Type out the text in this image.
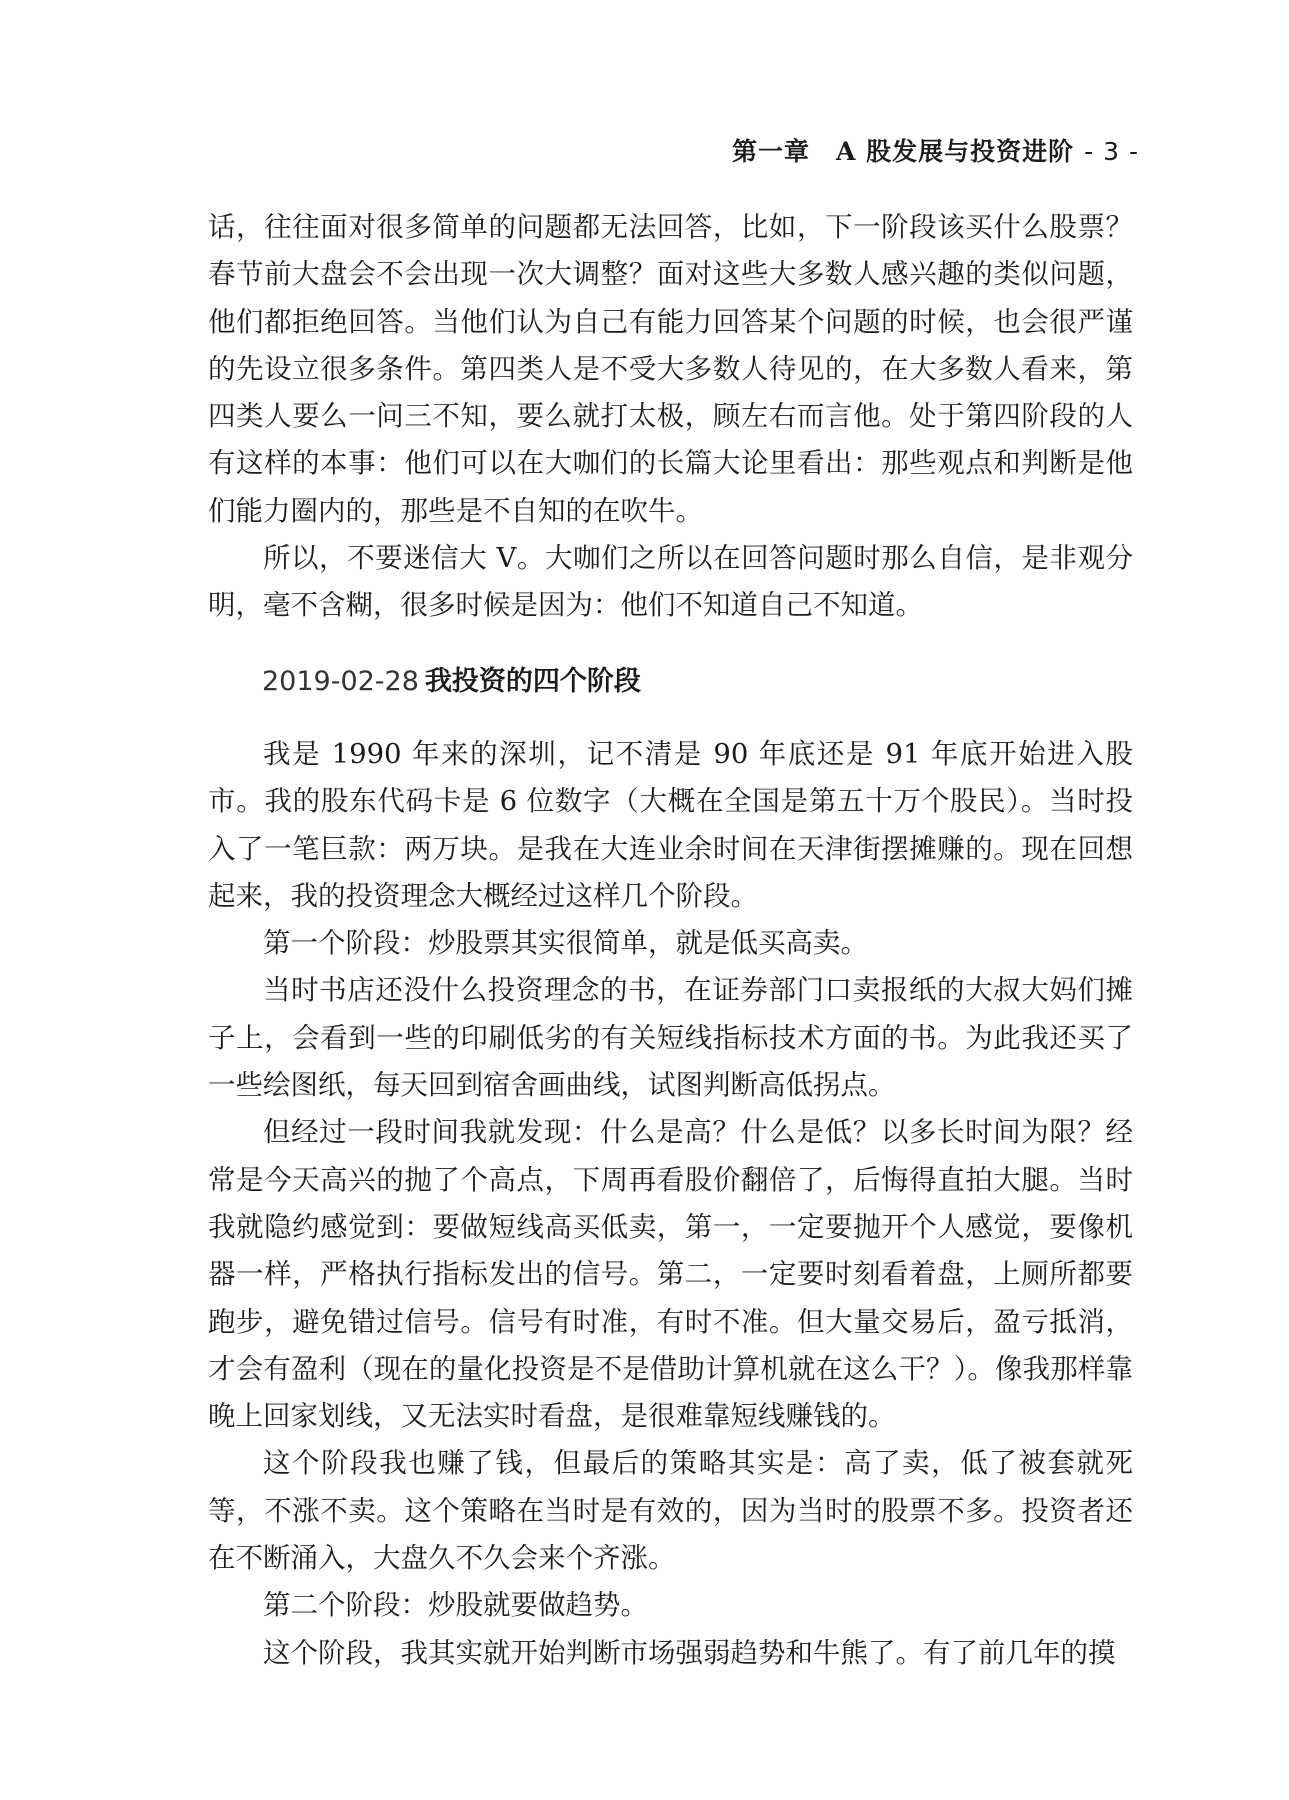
第一章　A 股发展与投资进阶 - 3 -

话，往往面对很多简单的问题都无法回答，比如，下一阶段该买什么股票？春节前大盘会不会出现一次大调整？面对这些大多数人感兴趣的类似问题，他们都拒绝回答。当他们认为自己有能力回答某个问题的时候，也会很严谨的先设立很多条件。第四类人是不受大多数人待见的，在大多数人看来，第四类人要么一问三不知，要么就打太极，顾左右而言他。处于第四阶段的人有这样的本事：他们可以在大咖们的长篇大论里看出：那些观点和判断是他们能力圈内的，那些是不自知的在吹牛。

所以，不要迷信大 V。大咖们之所以在回答问题时那么自信，是非观分明，毫不含糊，很多时候是因为：他们不知道自己不知道。

2019-02-28 我投资的四个阶段

我是 1990 年来的深圳，记不清是 90 年底还是 91 年底开始进入股市。我的股东代码卡是 6 位数字（大概在全国是第五十万个股民）。当时投入了一笔巨款：两万块。是我在大连业余时间在天津街摆摊赚的。现在回想起来，我的投资理念大概经过这样几个阶段。

第一个阶段：炒股票其实很简单，就是低买高卖。

当时书店还没什么投资理念的书，在证券部门口卖报纸的大叔大妈们摊子上，会看到一些的印刷低劣的有关短线指标技术方面的书。为此我还买了一些绘图纸，每天回到宿舍画曲线，试图判断高低拐点。

但经过一段时间我就发现：什么是高？什么是低？以多长时间为限？经常是今天高兴的抛了个高点，下周再看股价翻倍了，后悔得直拍大腿。当时我就隐约感觉到：要做短线高买低卖，第一，一定要抛开个人感觉，要像机器一样，严格执行指标发出的信号。第二，一定要时刻看着盘，上厕所都要跑步，避免错过信号。信号有时准，有时不准。但大量交易后，盈亏抵消，才会有盈利（现在的量化投资是不是借助计算机就在这么干？）。像我那样靠晚上回家划线，又无法实时看盘，是很难靠短线赚钱的。

这个阶段我也赚了钱，但最后的策略其实是：高了卖，低了被套就死等，不涨不卖。这个策略在当时是有效的，因为当时的股票不多。投资者还在不断涌入，大盘久不久会来个齐涨。

第二个阶段：炒股就要做趋势。

这个阶段，我其实就开始判断市场强弱趋势和牛熊了。有了前几年的摸
